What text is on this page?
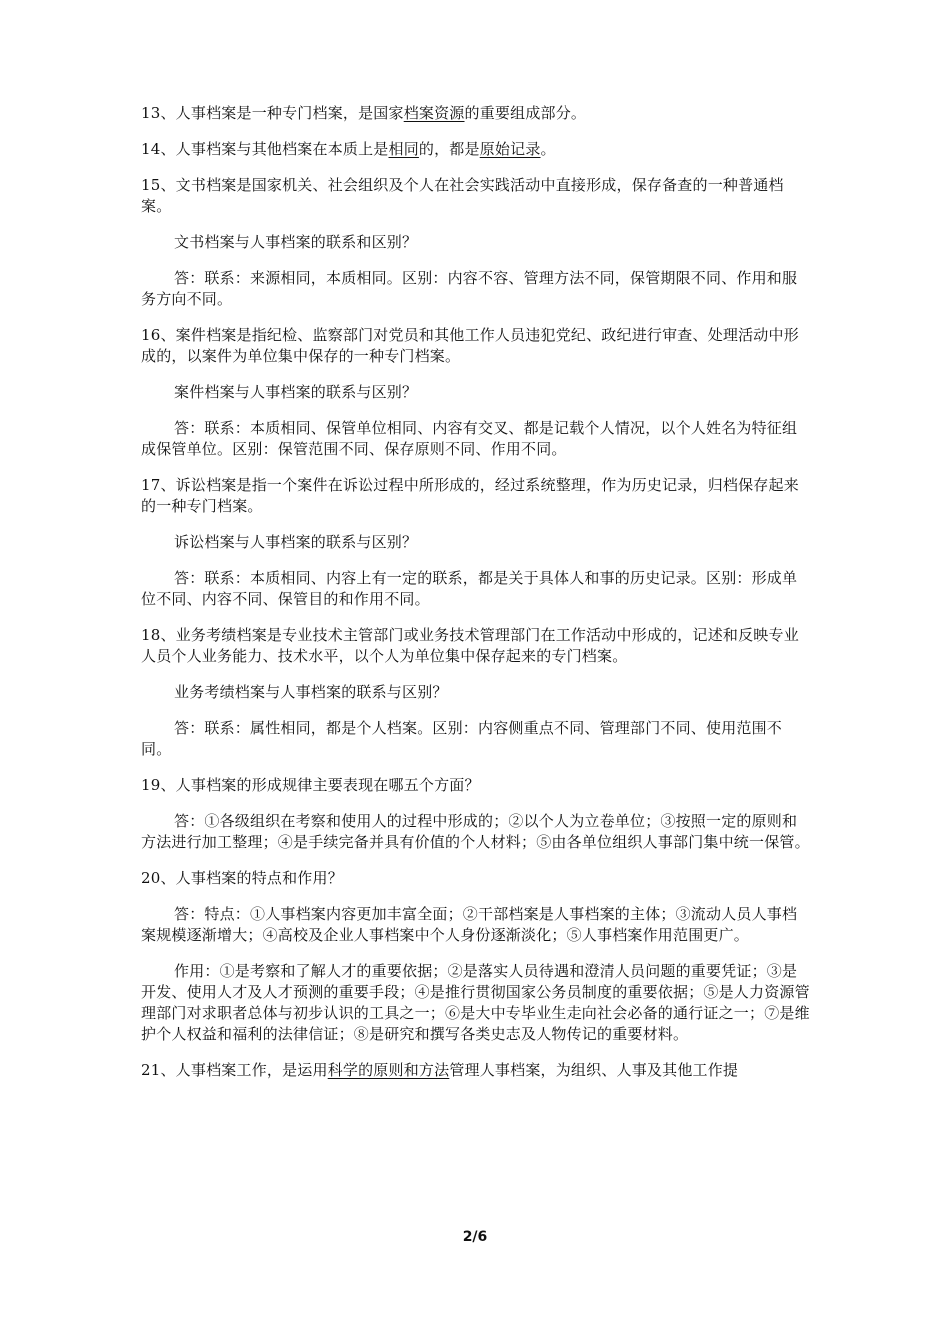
13、人事档案是一种专门档案，是国家档案资源的重要组成部分。

14、人事档案与其他档案在本质上是相同的，都是原始记录。

15、文书档案是国家机关、社会组织及个人在社会实践活动中直接形成，保存备查的一种普通档案。

文书档案与人事档案的联系和区别？

答：联系：来源相同，本质相同。区别：内容不容、管理方法不同，保管期限不同、作用和服务方向不同。

16、案件档案是指纪检、监察部门对党员和其他工作人员违犯党纪、政纪进行审查、处理活动中形成的，以案件为单位集中保存的一种专门档案。

案件档案与人事档案的联系与区别？

答：联系：本质相同、保管单位相同、内容有交叉、都是记载个人情况，以个人姓名为特征组成保管单位。区别：保管范围不同、保存原则不同、作用不同。

17、诉讼档案是指一个案件在诉讼过程中所形成的，经过系统整理，作为历史记录，归档保存起来的一种专门档案。

诉讼档案与人事档案的联系与区别？

答：联系：本质相同、内容上有一定的联系，都是关于具体人和事的历史记录。区别：形成单位不同、内容不同、保管目的和作用不同。

18、业务考绩档案是专业技术主管部门或业务技术管理部门在工作活动中形成的，记述和反映专业人员个人业务能力、技术水平，以个人为单位集中保存起来的专门档案。

业务考绩档案与人事档案的联系与区别？

答：联系：属性相同，都是个人档案。区别：内容侧重点不同、管理部门不同、使用范围不同。

19、人事档案的形成规律主要表现在哪五个方面？

答：①各级组织在考察和使用人的过程中形成的；②以个人为立卷单位；③按照一定的原则和方法进行加工整理；④是手续完备并具有价值的个人材料；⑤由各单位组织人事部门集中统一保管。

20、人事档案的特点和作用？

答：特点：①人事档案内容更加丰富全面；②干部档案是人事档案的主体；③流动人员人事档案规模逐渐增大；④高校及企业人事档案中个人身份逐渐淡化；⑤人事档案作用范围更广。

作用：①是考察和了解人才的重要依据；②是落实人员待遇和澄清人员问题的重要凭证；③是开发、使用人才及人才预测的重要手段；④是推行贯彻国家公务员制度的重要依据；⑤是人力资源管理部门对求职者总体与初步认识的工具之一；⑥是大中专毕业生走向社会必备的通行证之一；⑦是维护个人权益和福利的法律信证；⑧是研究和撰写各类史志及人物传记的重要材料。

21、人事档案工作，是运用科学的原则和方法管理人事档案，为组织、人事及其他工作提

2/6
